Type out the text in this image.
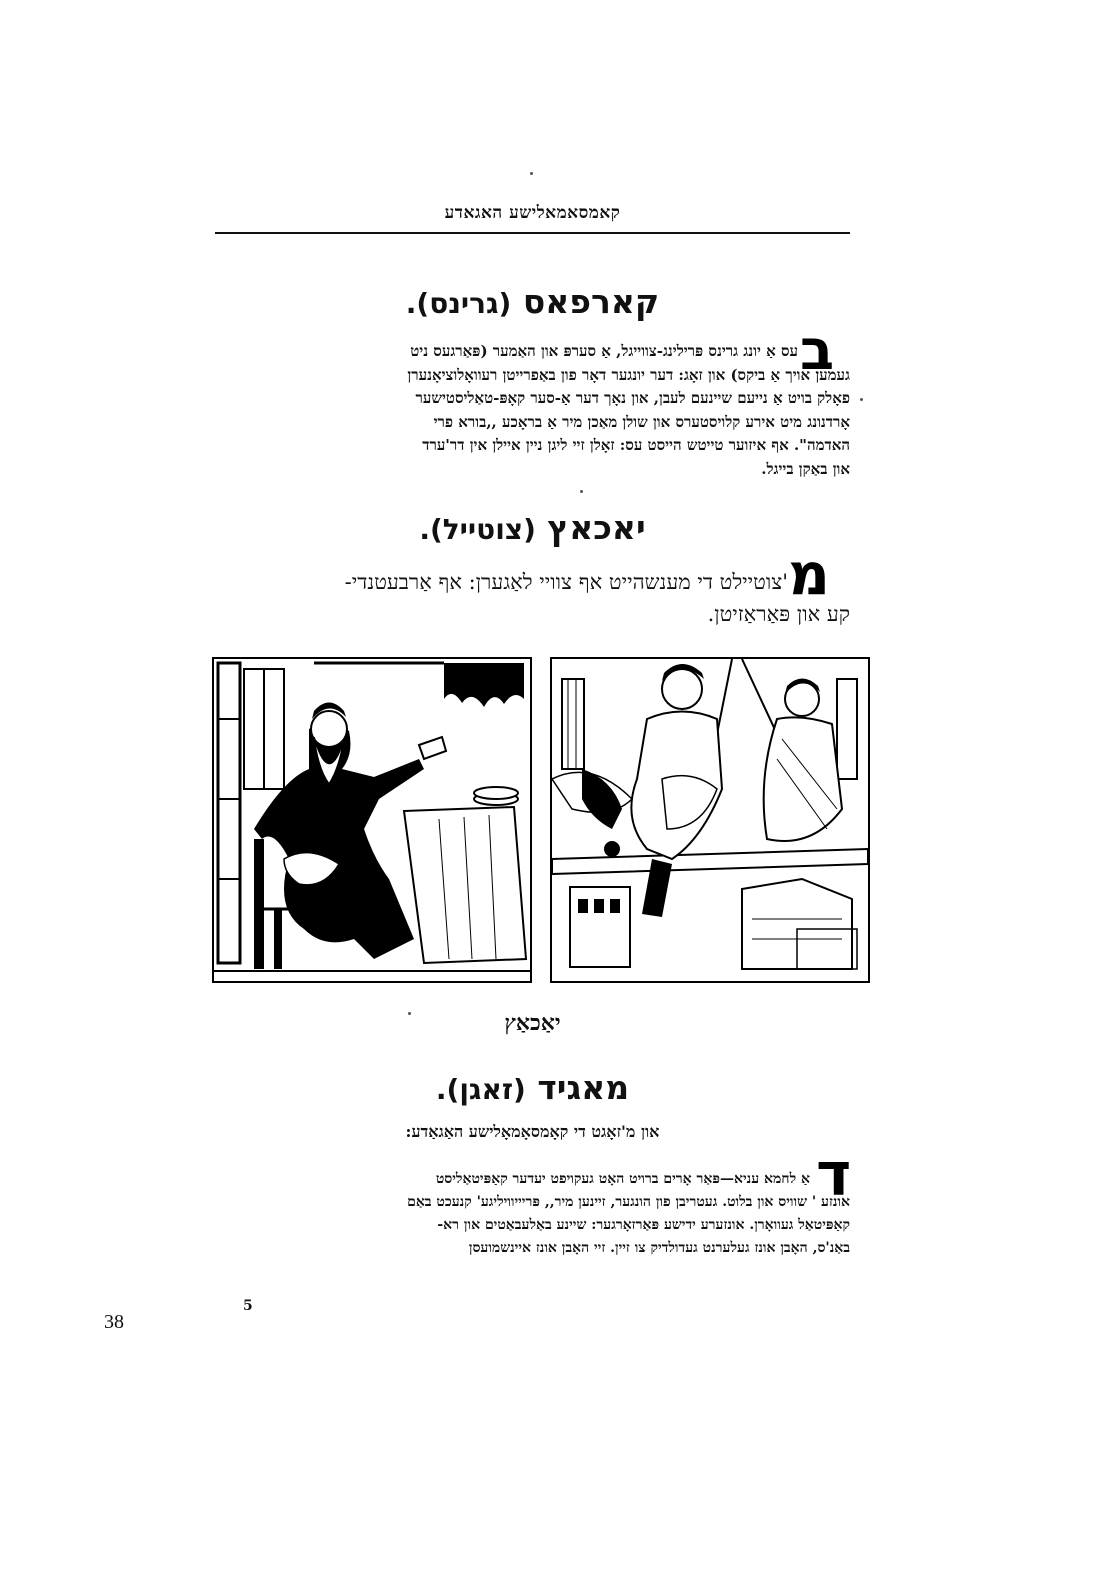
קאמסאמאלישע האגאדע
קארפאס (גרינס).
ב
עס אַ יונג גרינס פּרילינג-צווייגל, אַ סערפּ און האַמער (פּאַרגעס ניט
געמען אויך אַ ביקס) און זאָג: דער יונגער דאָר פון באַפרייטן רעוואָלוציאָנערן
פאָלק בויט אַ נייעם שיינעם לעבן, און נאָך דער אַ-סער קאָפּ-טאַליסטישער
אָרדנונג מיט אירע קלויסטערס און שולן מאַכן מיר אַ בראָכע ,,בורא פרי
האדמה". אף איזוער טייטש הייסט עס: זאָלן זיי ליגן ניין איילן אין דר'ערד
און באַקן בייגל.
יאכאץ (צוטייל).
מ
'צוטיילט די מענשהייט אף צוויי לאַגערן: אף אַרבעטנדי-
קע און פּאַראַזיטן.
יאַכאַץ
מאגיד (זאגן).
און מ'זאָגט די קאָמסאָמאָלישע האַגאַדע:
ד
אַ לחמא עניא—פּאַר אָרים ברויט האָט געקויפט יעדער קאַפּיטאַליסט
אונזע ' שוויס און בלוט. געטריבן פון הונגער, זיינען מיר,, פּריייוויליגע' קנעכט באַם
קאַפּיטאַל געוואָרן. אונזערע ידישע פּאַרזאָרגער: שיינע באַלעבאַטים און רא-
באַנ'ס, האָבן אונז געלערנט געדולדיק צו זיין. זיי האָבן אונז איינשמועסן
5
38
